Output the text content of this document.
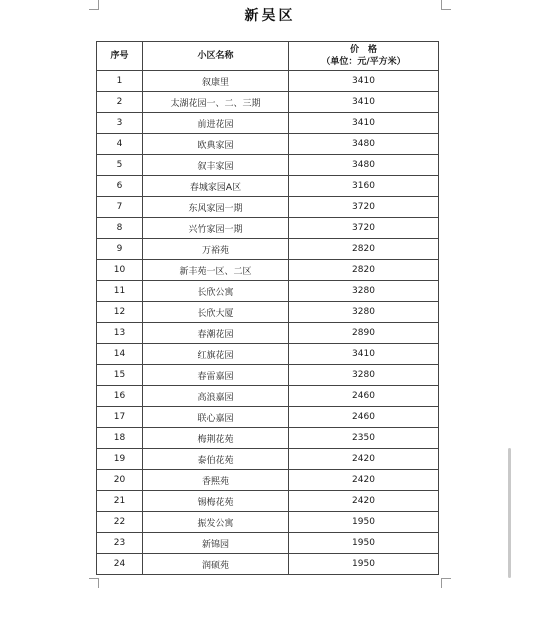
新吴区
序号	小区名称	价　格
（单位：元/平方米）

1	叙康里	3410
2	太湖花园一、二、三期	3410
3	前进花园	3410
4	欧典家园	3480
5	叙丰家园	3480
6	春城家园A区	3160
7	东风家园一期	3720
8	兴竹家园一期	3720
9	万裕苑	2820
10	新丰苑一区、二区	2820
11	长欣公寓	3280
12	长欣大厦	3280
13	春潮花园	2890
14	红旗花园	3410
15	春雷嘉园	3280
16	高浪嘉园	2460
17	联心嘉园	2460
18	梅荆花苑	2350
19	泰伯花苑	2420
20	香熙苑	2420
21	锡梅花苑	2420
22	振发公寓	1950
23	新锦园	1950
24	润硕苑	1950
